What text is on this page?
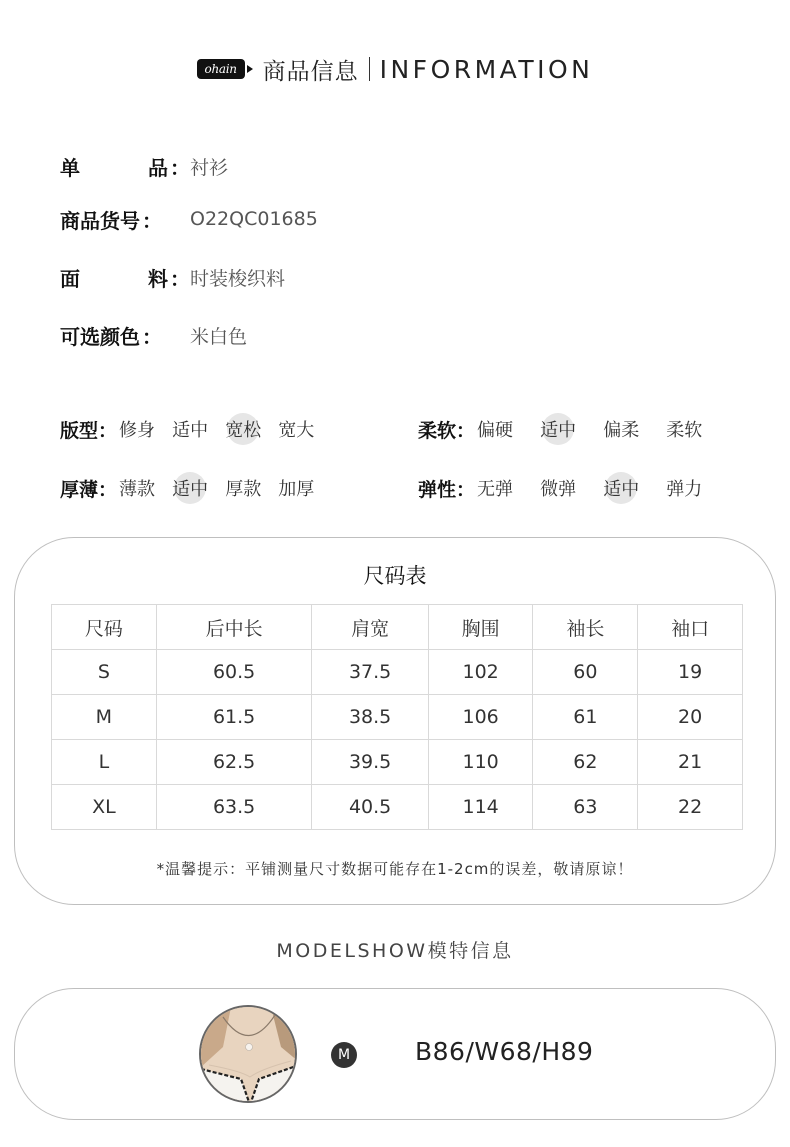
ohain	商品信息 INFORMATION
单	品 ： 衬衫
商品货号 ： O22QC01685
面	料 ： 时装梭织料
可选颜色 ： 米白色
版型： 修身 适中 宽松 宽大	柔软： 偏硬 适中 偏柔 柔软
厚薄： 薄款 适中 厚款 加厚	弹性： 无弹 微弹 适中 弹力
尺码表
尺码	后中长	肩宽	胸围	袖长	袖口
S	60.5	37.5	102	60	19
M	61.5	38.5	106	61	20
L	62.5	39.5	110	62	21
XL	63.5	40.5	114	63	22
*温馨提示：平铺测量尺寸数据可能存在1-2cm的误差，敬请原谅！
MODELSHOW模特信息
M	B86/W68/H89
